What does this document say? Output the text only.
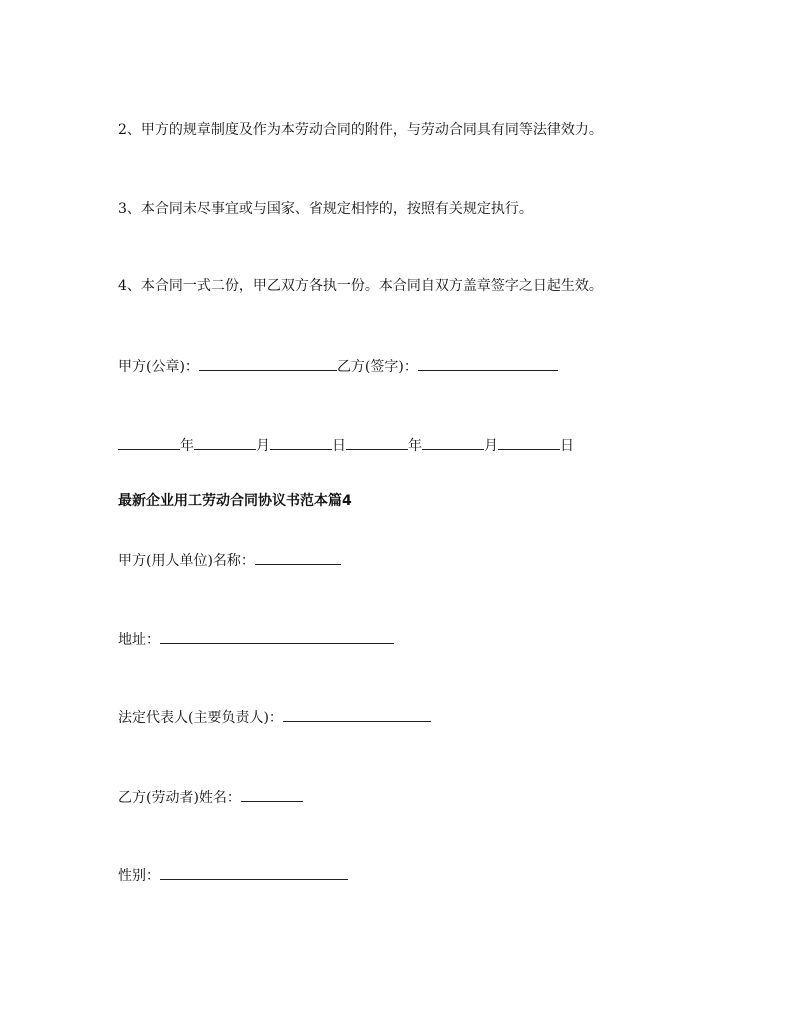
2、甲方的规章制度及作为本劳动合同的附件，与劳动合同具有同等法律效力。
3、本合同未尽事宜或与国家、省规定相悖的，按照有关规定执行。
4、本合同一式二份，甲乙双方各执一份。本合同自双方盖章签字之日起生效。
甲方(公章)：	乙方(签字)：
年	月	日	年	月	日
最新企业用工劳动合同协议书范本篇4
甲方(用人单位)名称：
地址：
法定代表人(主要负责人)：
乙方(劳动者)姓名：
性别：
